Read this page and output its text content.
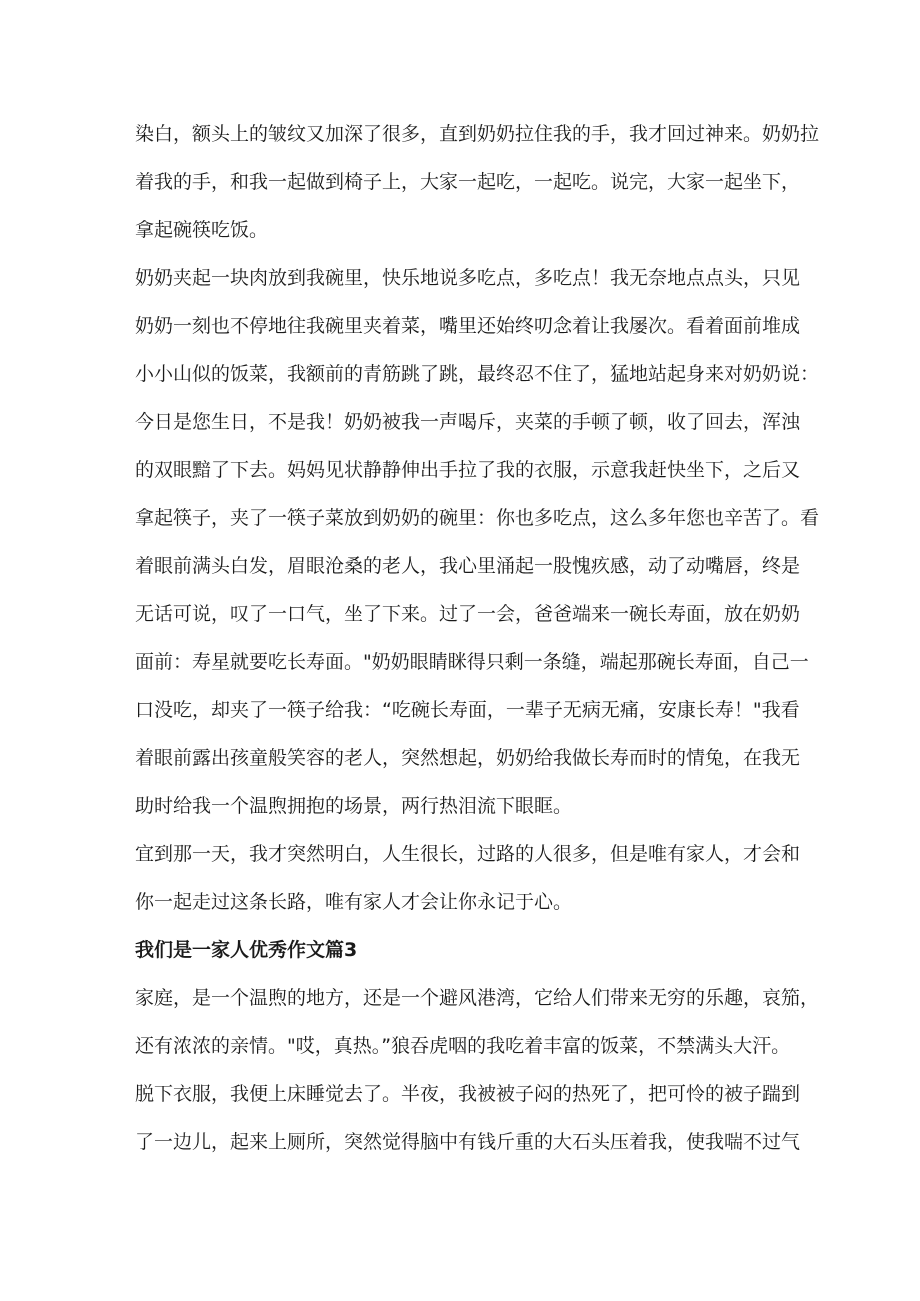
染白，额头上的皱纹又加深了很多，直到奶奶拉住我的手，我才回过神来。奶奶拉
着我的手，和我一起做到椅子上，大家一起吃，一起吃。说完，大家一起坐下，
拿起碗筷吃饭。

奶奶夹起一块肉放到我碗里，快乐地说多吃点，多吃点！我无奈地点点头，只见
奶奶一刻也不停地往我碗里夹着菜，嘴里还始终叨念着让我屡次。看着面前堆成
小小山似的饭菜，我额前的青筋跳了跳，最终忍不住了，猛地站起身来对奶奶说：
今日是您生日，不是我！奶奶被我一声喝斥，夹菜的手顿了顿，收了回去，浑浊
的双眼黯了下去。妈妈见状静静伸出手拉了我的衣服，示意我赶快坐下，之后又
拿起筷子，夹了一筷子菜放到奶奶的碗里：你也多吃点，这么多年您也辛苦了。看
着眼前满头白发，眉眼沧桑的老人，我心里涌起一股愧疚感，动了动嘴唇，终是
无话可说，叹了一口气，坐了下来。过了一会，爸爸端来一碗长寿面，放在奶奶
面前：寿星就要吃长寿面。"奶奶眼睛眯得只剩一条缝，端起那碗长寿面，自己一
口没吃，却夹了一筷子给我：“吃碗长寿面，一辈子无病无痛，安康长寿！"我看
着眼前露出孩童般笑容的老人，突然想起，奶奶给我做长寿而时的情兔，在我无
助时给我一个温煦拥抱的场景，两行热泪流下眼眶。

宜到那一天，我才突然明白，人生很长，过路的人很多，但是唯有家人，才会和
你一起走过这条长路，唯有家人才会让你永记于心。

我们是一家人优秀作文篇3

家庭，是一个温煦的地方，还是一个避风港湾，它给人们带来无穷的乐趣，哀笳，
还有浓浓的亲情。"哎，真热。”狼吞虎咽的我吃着丰富的饭菜，不禁满头大汗。
脱下衣服，我便上床睡觉去了。半夜，我被被子闷的热死了，把可怜的被子踹到
了一边儿，起来上厕所，突然觉得脑中有钱斤重的大石头压着我，使我喘不过气
